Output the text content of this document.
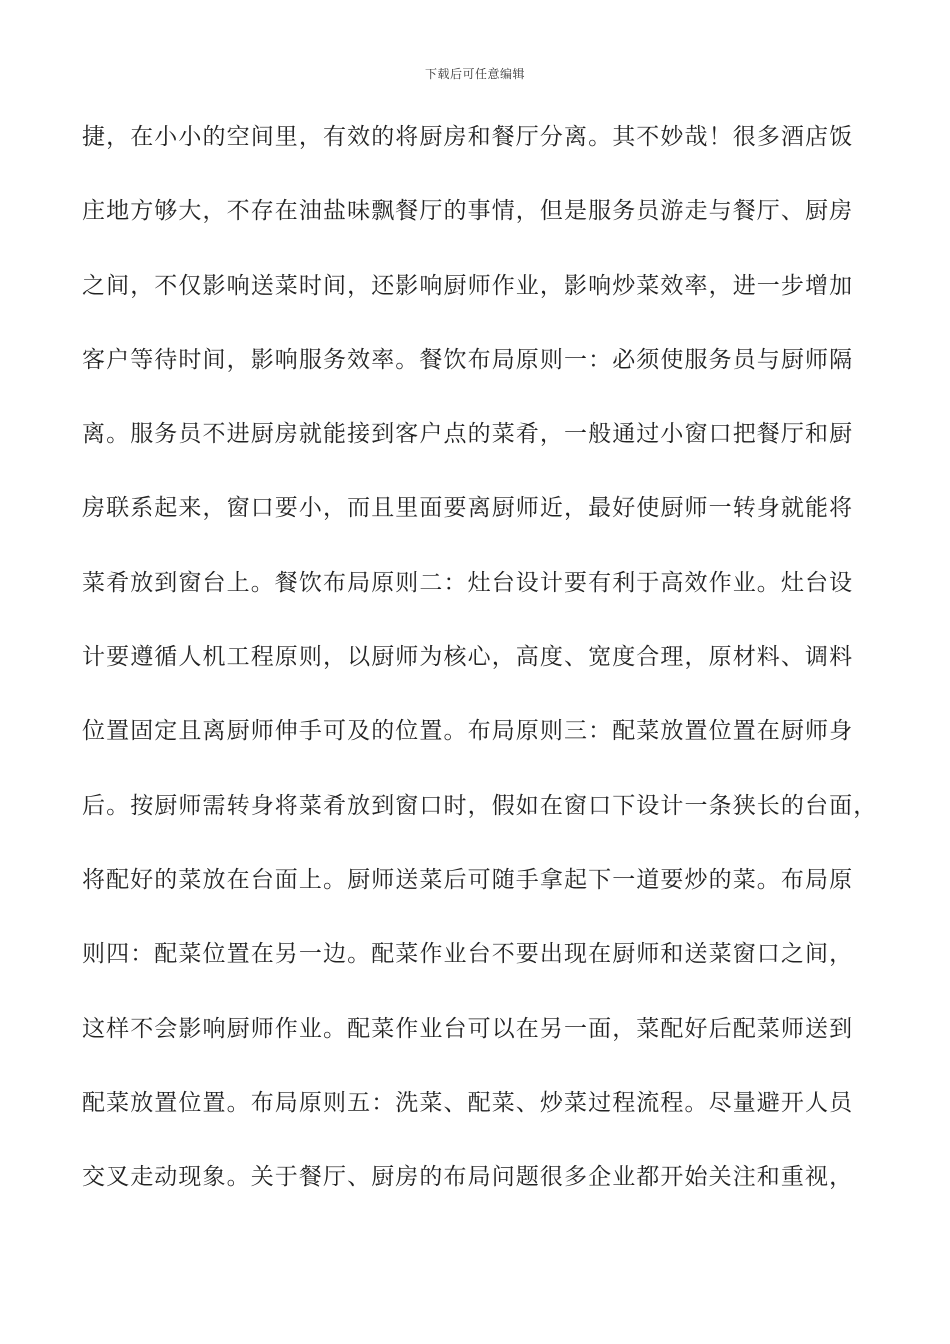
下载后可任意编辑
捷，在小小的空间里，有效的将厨房和餐厅分离。其不妙哉！很多酒店饭
庄地方够大，不存在油盐味飘餐厅的事情，但是服务员游走与餐厅、厨房
之间，不仅影响送菜时间，还影响厨师作业，影响炒菜效率，进一步增加
客户等待时间，影响服务效率。餐饮布局原则一：必须使服务员与厨师隔
离。服务员不进厨房就能接到客户点的菜肴，一般通过小窗口把餐厅和厨
房联系起来，窗口要小，而且里面要离厨师近，最好使厨师一转身就能将
菜肴放到窗台上。餐饮布局原则二：灶台设计要有利于高效作业。灶台设
计要遵循人机工程原则，以厨师为核心，高度、宽度合理，原材料、调料
位置固定且离厨师伸手可及的位置。布局原则三：配菜放置位置在厨师身
后。按厨师需转身将菜肴放到窗口时，假如在窗口下设计一条狭长的台面，
将配好的菜放在台面上。厨师送菜后可随手拿起下一道要炒的菜。布局原
则四：配菜位置在另一边。配菜作业台不要出现在厨师和送菜窗口之间，
这样不会影响厨师作业。配菜作业台可以在另一面，菜配好后配菜师送到
配菜放置位置。布局原则五：洗菜、配菜、炒菜过程流程。尽量避开人员
交叉走动现象。关于餐厅、厨房的布局问题很多企业都开始关注和重视，
